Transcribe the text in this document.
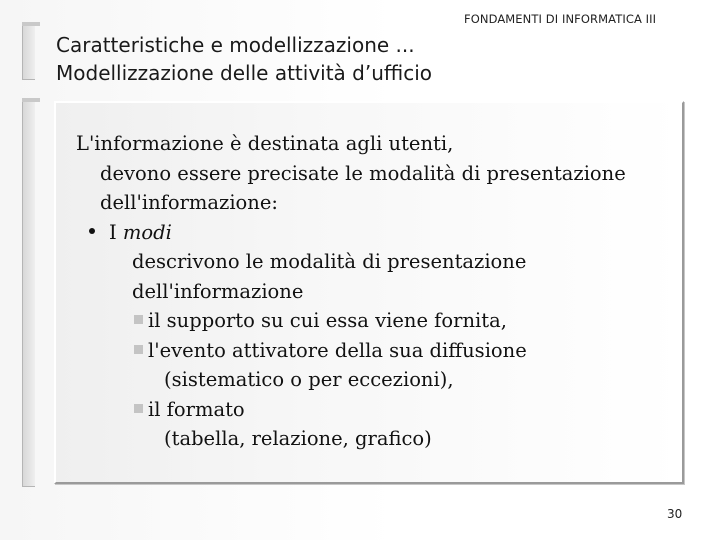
Caratteristiche e modellizzazione ...
Modellizzazione delle attività d’ufficio
FONDAMENTI DI INFORMATICA III
L'informazione è destinata agli utenti,
devono essere precisate le modalità di presentazione
dell'informazione:
I modi
descrivono le modalità di presentazione
dell'informazione
il supporto su cui essa viene fornita,
l'evento attivatore della sua diffusione
(sistematico o per eccezioni),
il formato
(tabella, relazione, grafico)
30
